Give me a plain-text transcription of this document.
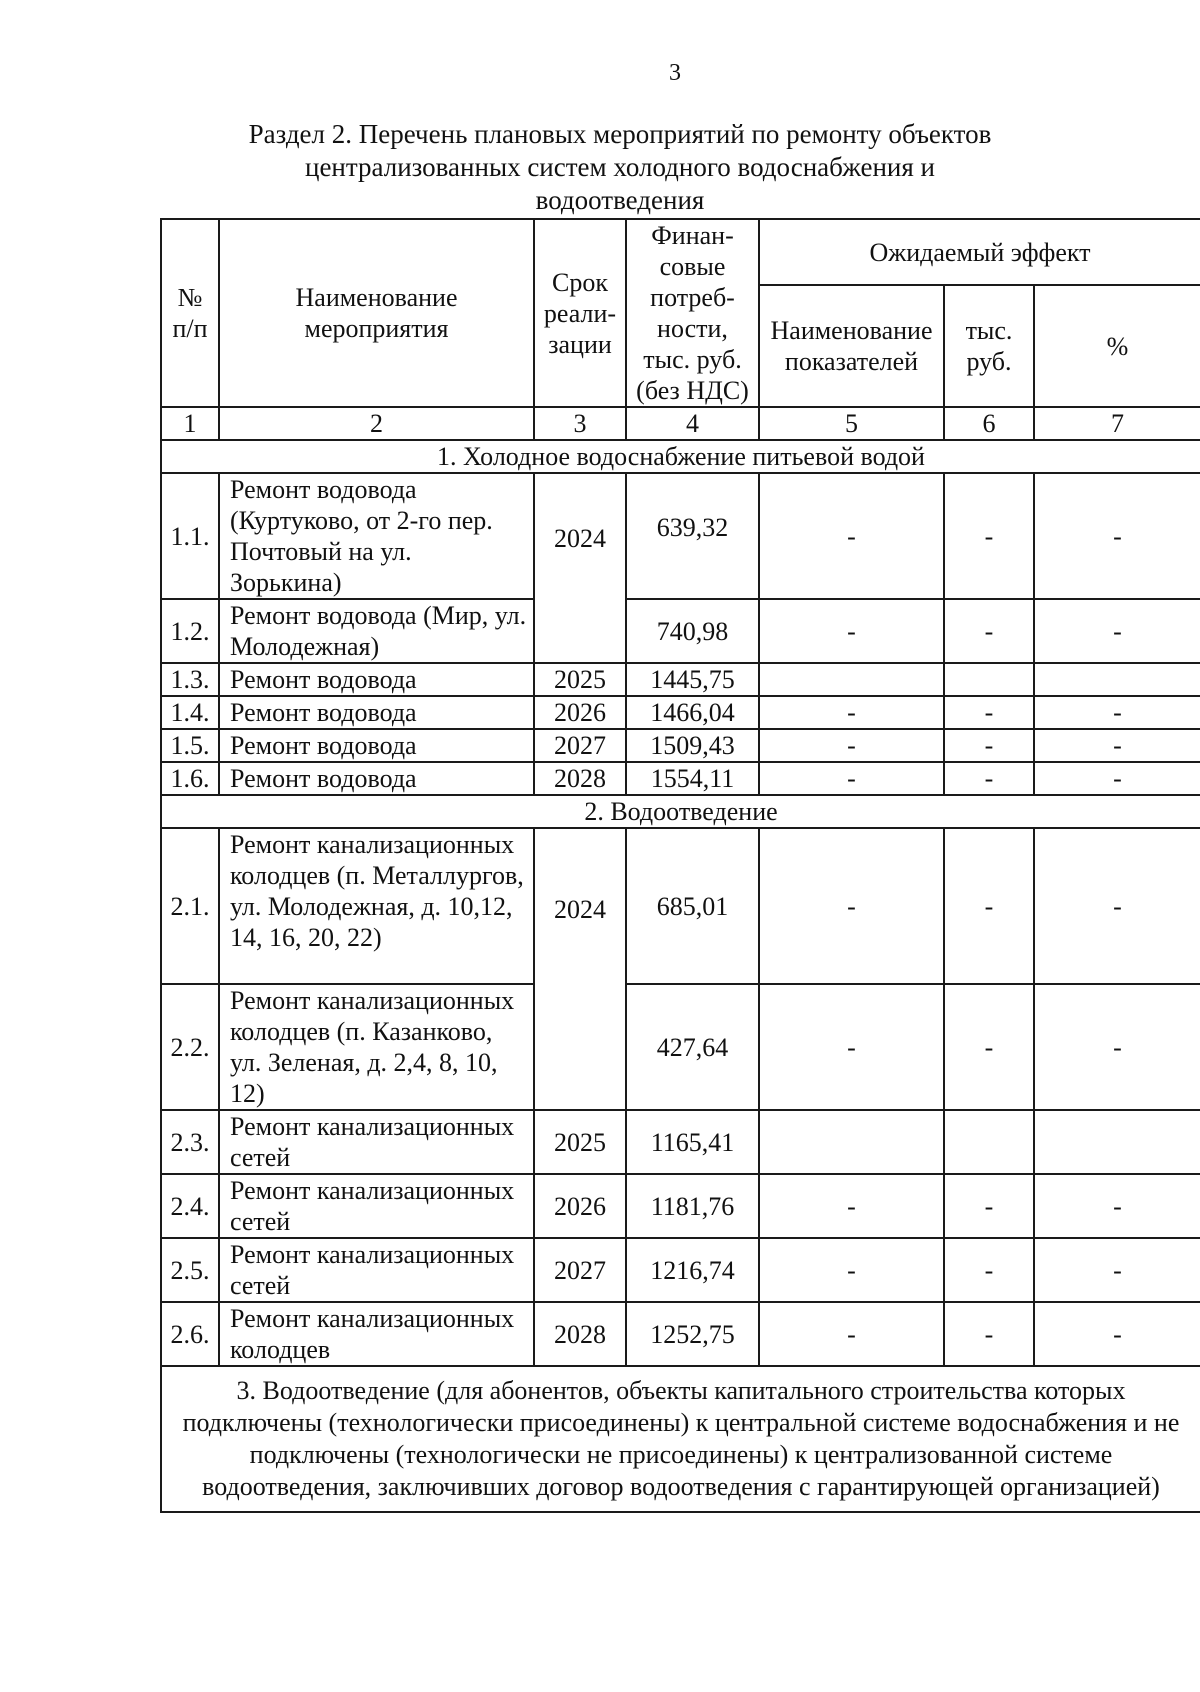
3
Раздел 2. Перечень плановых мероприятий по ремонту объектов
централизованных систем холодного водоснабжения и водоотведения
№ п/п	Наименование мероприятия	Срок реали-зации	Финан-совые потреб-ности, тыс. руб. (без НДС)	Ожидаемый эффект		
				Наименование показателей	тыс. руб.	%
1	2	3	4	5	6	7
1. Холодное водоснабжение питьевой водой						
1.1.	Ремонт водовода (Куртуково, от 2-го пер. Почтовый на ул. Зорькина)	2024	639,32	-	-	-
1.2.	Ремонт водовода (Мир, ул. Молодежная)		740,98	-	-	-
1.3.	Ремонт водовода	2025	1445,75			
1.4.	Ремонт водовода	2026	1466,04	-	-	-
1.5.	Ремонт водовода	2027	1509,43	-	-	-
1.6.	Ремонт водовода	2028	1554,11	-	-	-
2. Водоотведение						
2.1.	Ремонт канализационных колодцев (п. Металлургов, ул. Молодежная, д. 10,12, 14, 16, 20, 22)	2024	685,01	-	-	-
2.2.	Ремонт канализационных колодцев (п. Казанково, ул. Зеленая, д. 2,4, 8, 10, 12)		427,64	-	-	-
2.3.	Ремонт канализационных сетей	2025	1165,41			
2.4.	Ремонт канализационных сетей	2026	1181,76	-	-	-
2.5.	Ремонт канализационных сетей	2027	1216,74	-	-	-
2.6.	Ремонт канализационных колодцев	2028	1252,75	-	-	-
3. Водоотведение (для абонентов, объекты капитального строительства которых подключены (технологически присоединены) к центральной системе водоснабжения и не подключены (технологически не присоединены) к централизованной системе водоотведения, заключивших договор водоотведения с гарантирующей организацией)						
